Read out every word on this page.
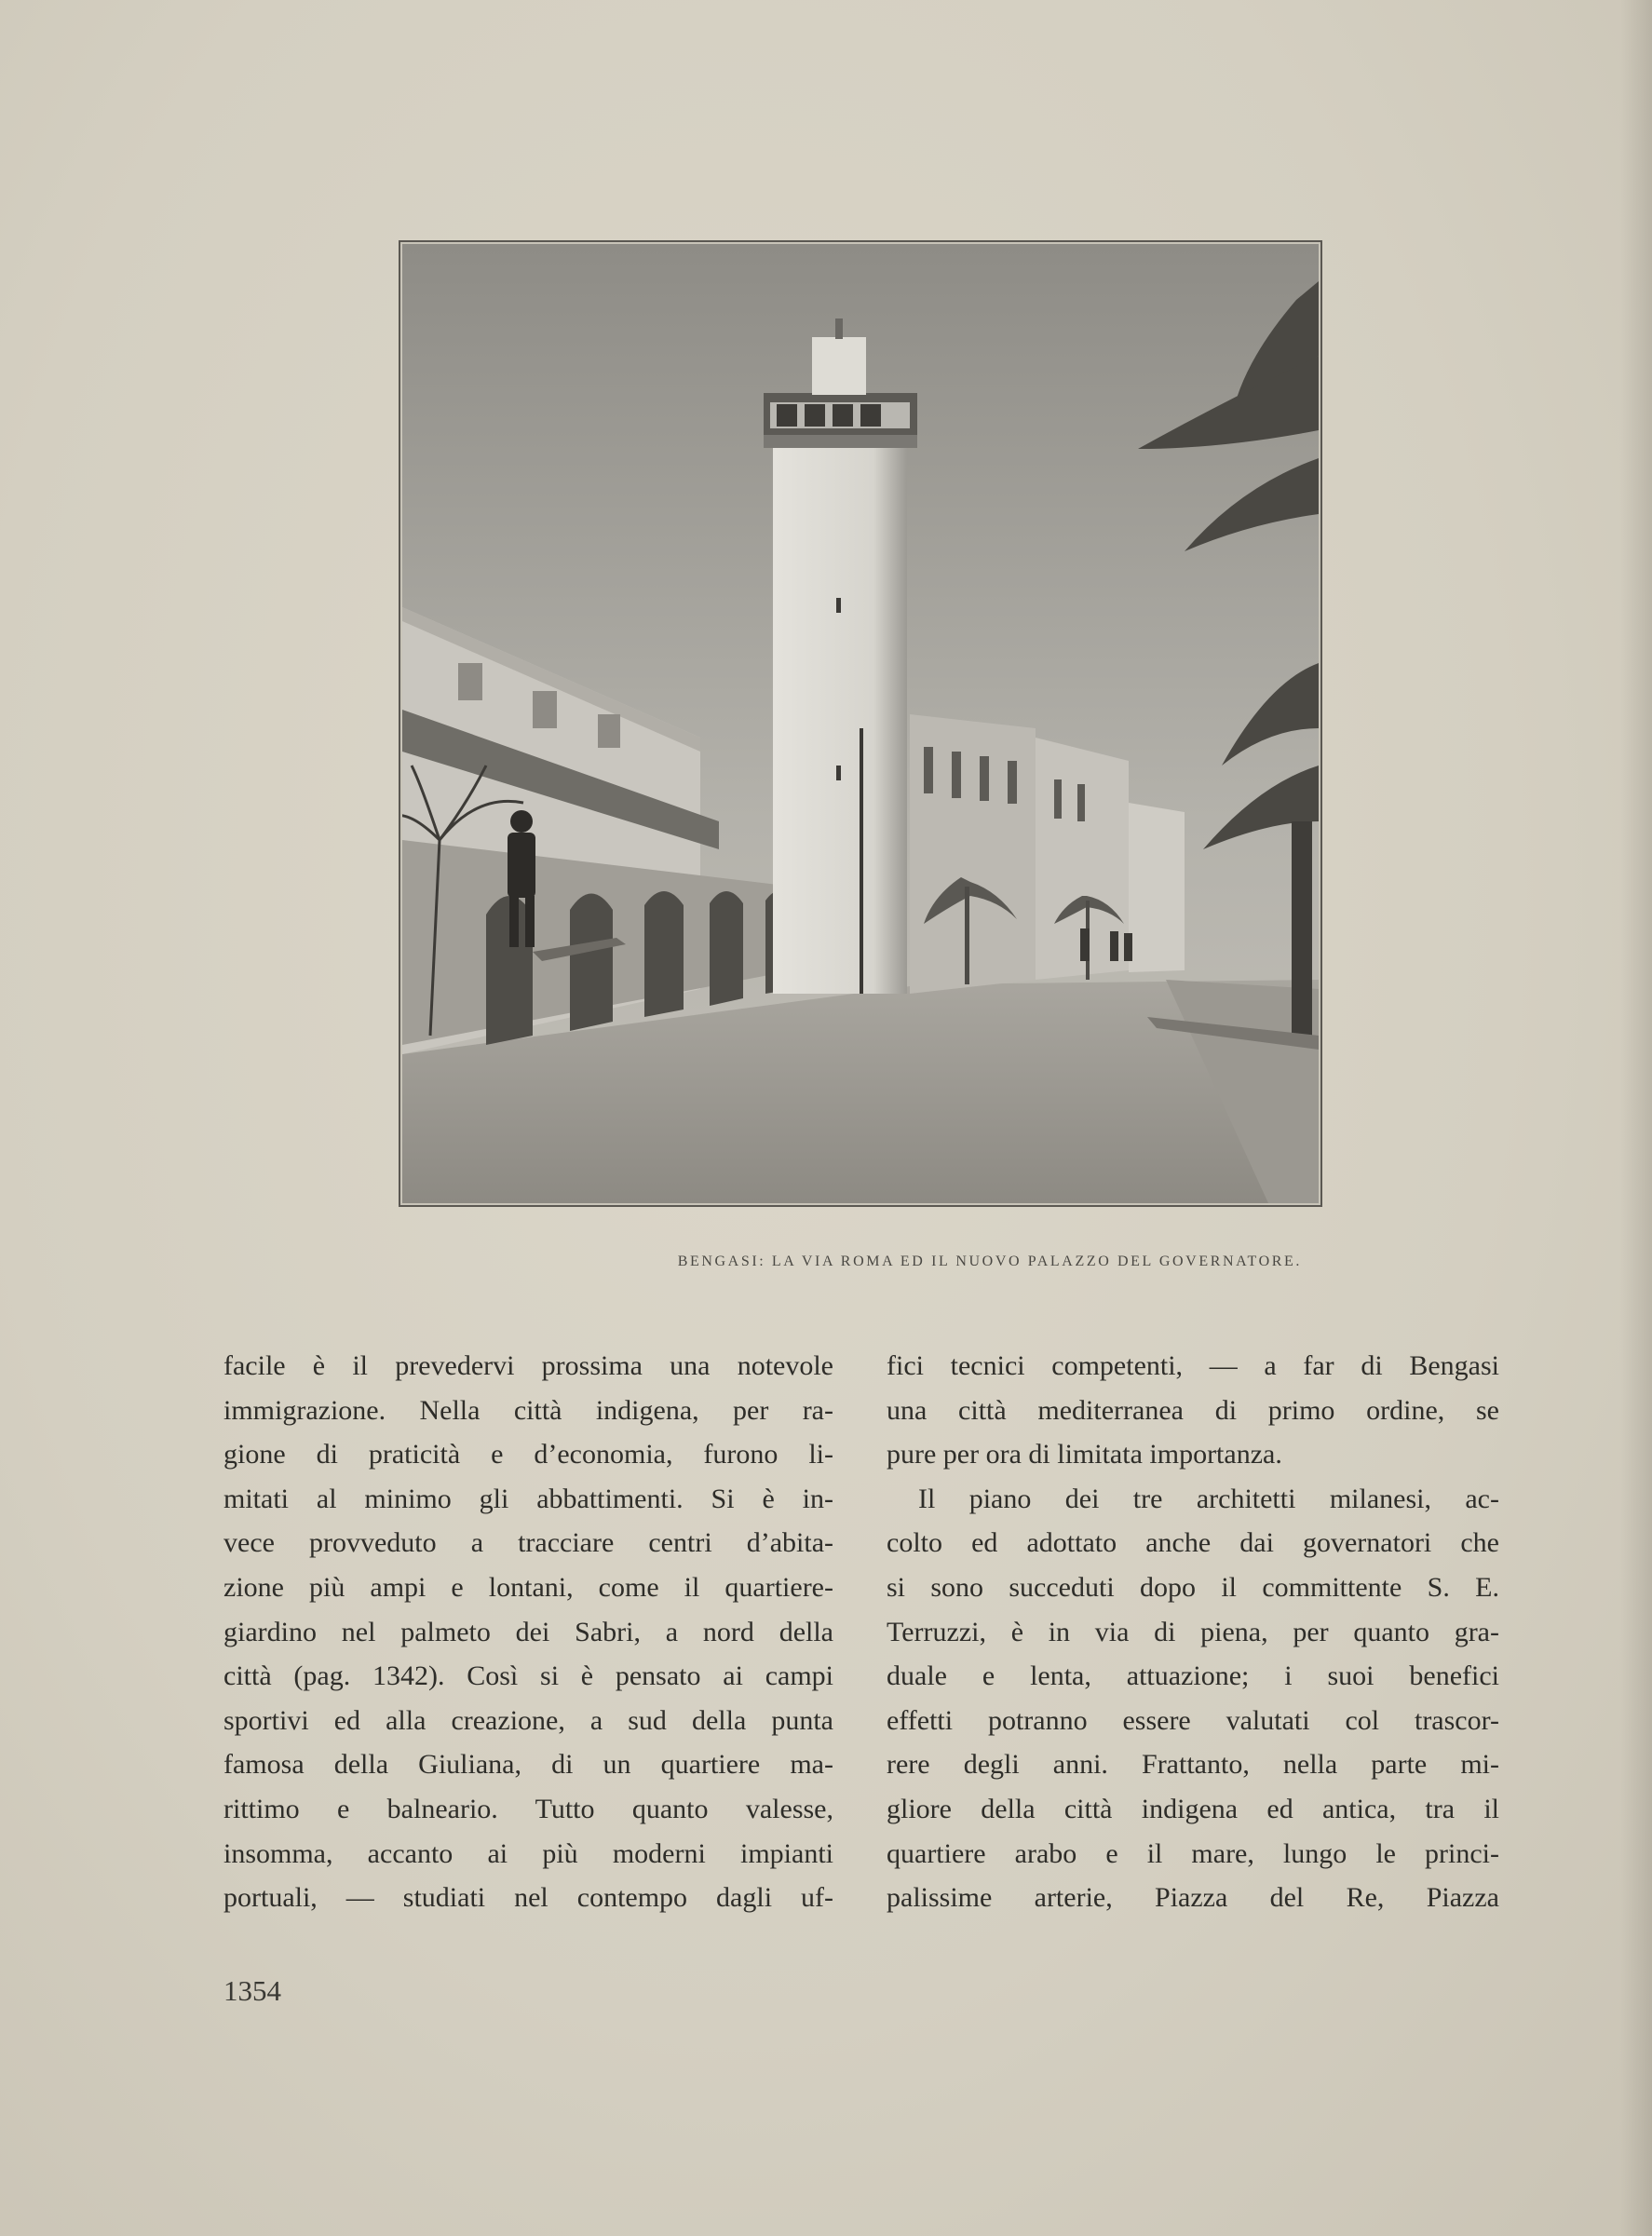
BENGASI: LA VIA ROMA ED IL NUOVO PALAZZO DEL GOVERNATORE.
facile è il prevedervi prossima una notevole
immigrazione. Nella città indigena, per ra-
gione di praticità e d’economia, furono li-
mitati al minimo gli abbattimenti. Si è in-
vece provveduto a tracciare centri d’abita-
zione più ampi e lontani, come il quartiere-
giardino nel palmeto dei Sabri, a nord della
città (pag. 1342). Così si è pensato ai campi
sportivi ed alla creazione, a sud della punta
famosa della Giuliana, di un quartiere ma-
rittimo e balneario. Tutto quanto valesse,
insomma, accanto ai più moderni impianti
portuali, — studiati nel contempo dagli uf-
fici tecnici competenti, — a far di Bengasi
una città mediterranea di primo ordine, se
pure per ora di limitata importanza.
Il piano dei tre architetti milanesi, ac-
colto ed adottato anche dai governatori che
si sono succeduti dopo il committente S. E.
Terruzzi, è in via di piena, per quanto gra-
duale e lenta, attuazione; i suoi benefici
effetti potranno essere valutati col trascor-
rere degli anni. Frattanto, nella parte mi-
gliore della città indigena ed antica, tra il
quartiere arabo e il mare, lungo le princi-
palissime arterie, Piazza del Re, Piazza
1354
